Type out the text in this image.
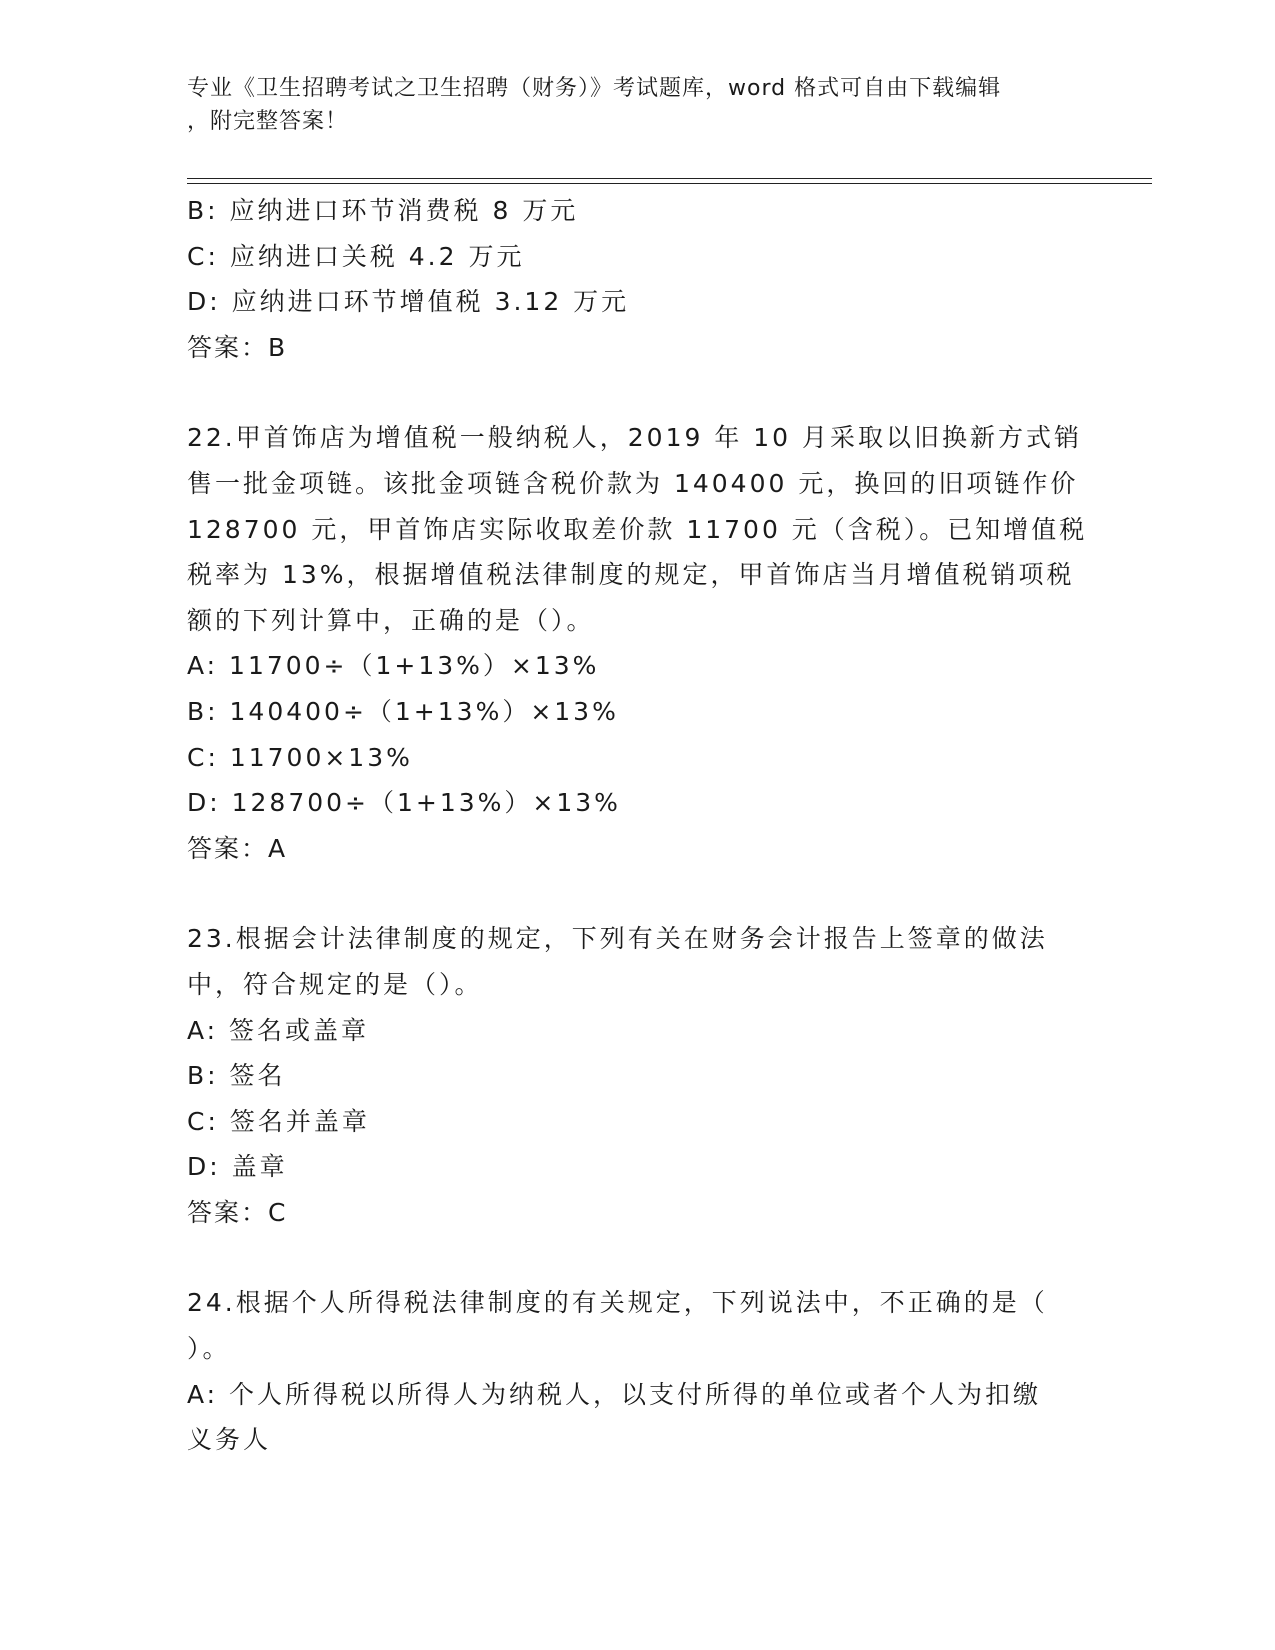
专业《卫生招聘考试之卫生招聘（财务）》考试题库，word 格式可自由下载编辑
，附完整答案！

B: 应纳进口环节消费税 8 万元

C: 应纳进口关税 4.2 万元

D: 应纳进口环节增值税 3.12 万元

答案：B

22.甲首饰店为增值税一般纳税人，2019 年 10 月采取以旧换新方式销

售一批金项链。该批金项链含税价款为 140400 元，换回的旧项链作价

128700 元，甲首饰店实际收取差价款 11700 元（含税）。已知增值税

税率为 13%，根据增值税法律制度的规定，甲首饰店当月增值税销项税

额的下列计算中，正确的是（）。

A: 11700÷（1+13%）×13%

B: 140400÷（1+13%）×13%

C: 11700×13%

D: 128700÷（1+13%）×13%

答案：A

23.根据会计法律制度的规定，下列有关在财务会计报告上签章的做法

中，符合规定的是（）。

A: 签名或盖章

B: 签名

C: 签名并盖章

D: 盖章

答案：C

24.根据个人所得税法律制度的有关规定，下列说法中，不正确的是（

）。

A: 个人所得税以所得人为纳税人，以支付所得的单位或者个人为扣缴

义务人
